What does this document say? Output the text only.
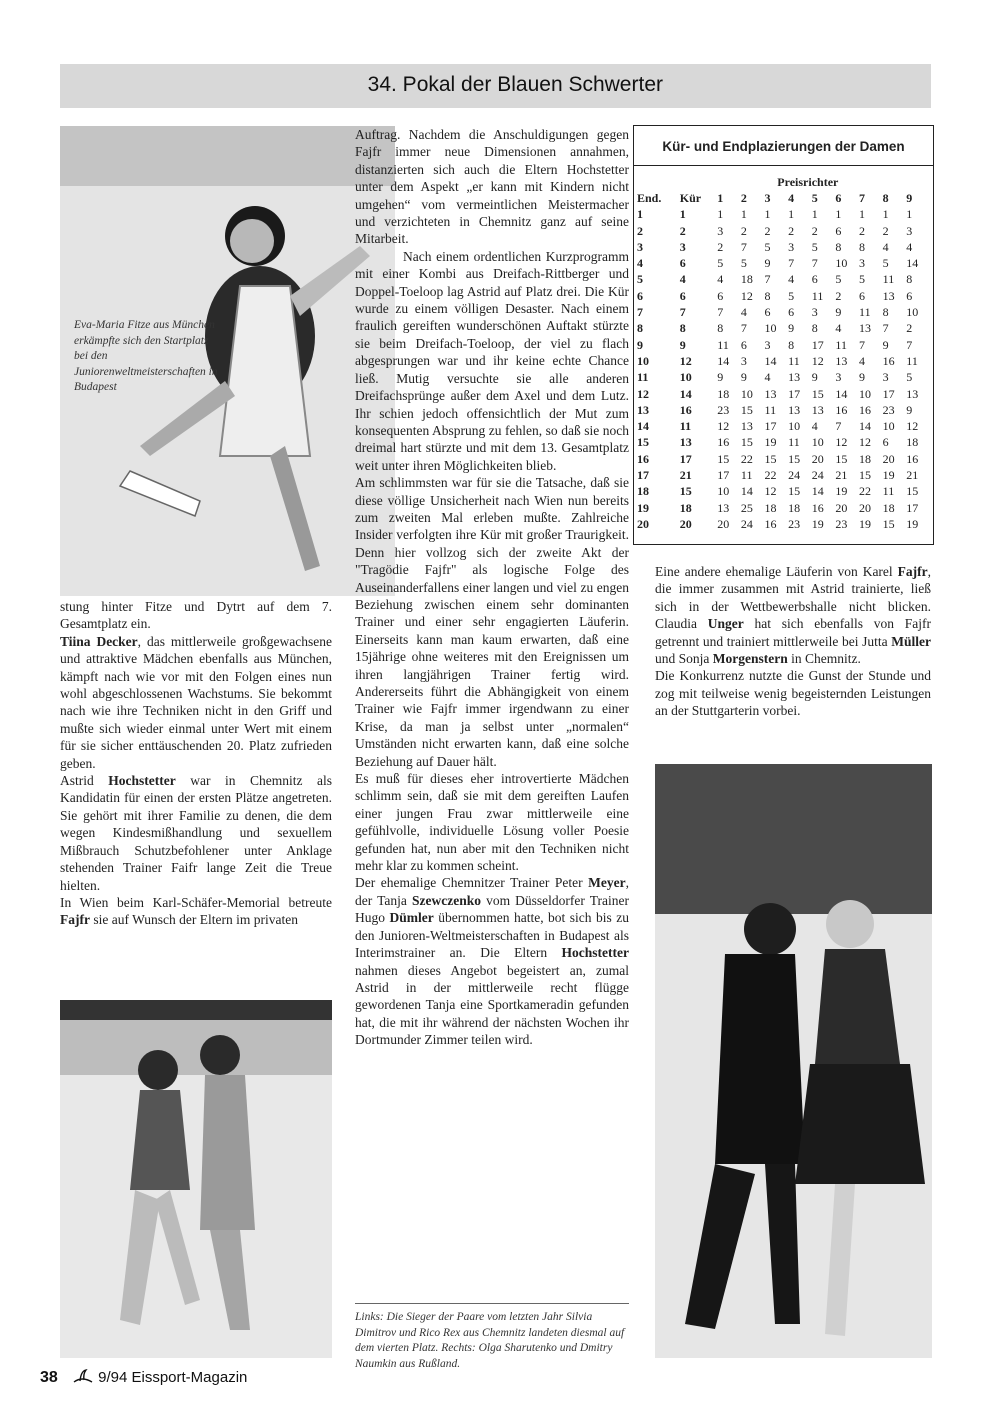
34. Pokal der Blauen Schwerter
Eva-Maria Fitze aus München erkämpfte sich den Startplatz bei den Juniorenweltmeisterschaften in Budapest

stung hinter Fitze und Dytrt auf dem 7. Gesamtplatz ein.

Tiina Decker, das mittlerweile großgewachsene und attraktive Mädchen ebenfalls aus München, kämpft nach wie vor mit den Folgen eines nun wohl abgeschlossenen Wachstums. Sie bekommt nach wie ihre Techniken nicht in den Griff und mußte sich wieder einmal unter Wert mit einem für sie sicher enttäuschenden 20. Platz zufrieden geben.

Astrid Hochstetter war in Chemnitz als Kandidatin für einen der ersten Plätze angetreten. Sie gehört mit ihrer Familie zu denen, die dem wegen Kindesmißhandlung und sexuellem Mißbrauch Schutzbefohlener unter Anklage stehenden Trainer Faifr lange Zeit die Treue hielten.

In Wien beim Karl-Schäfer-Memorial betreute Fajfr sie auf Wunsch der Eltern im privaten

Auftrag. Nachdem die Anschuldigungen gegen Fajfr immer neue Dimensionen annahmen, distanzierten sich auch die Eltern Hochstetter unter dem Aspekt „er kann mit Kindern nicht umgehen“ vom vermeintlichen Meistermacher und verzichteten in Chemnitz ganz auf seine Mitarbeit.

Nach einem ordentlichen Kurzprogramm mit einer Kombi aus Dreifach-Rittberger und Doppel-Toeloop lag Astrid auf Platz drei. Die Kür wurde zu einem völligen Desaster. Nach einem fraulich gereiften wunderschönen Auftakt stürzte sie beim Dreifach-Toeloop, der viel zu flach abgesprungen war und ihr keine echte Chance ließ. Mutig versuchte sie alle anderen Dreifachsprünge außer dem Axel und dem Lutz. Ihr schien jedoch offensichtlich der Mut zum konsequenten Absprung zu fehlen, so daß sie noch dreimal hart stürzte und mit dem 13. Gesamtplatz weit unter ihren Möglichkeiten blieb.

Am schlimmsten war für sie die Tatsache, daß sie diese völlige Unsicherheit nach Wien nun bereits zum zweiten Mal erleben mußte. Zahlreiche Insider verfolgten ihre Kür mit großer Traurigkeit. Denn hier vollzog sich der zweite Akt der "Tragödie Fajfr" als logische Folge des Auseinanderfallens einer langen und viel zu engen Beziehung zwischen einem sehr dominanten Trainer und einer sehr engagierten Läuferin. Einerseits kann man kaum erwarten, daß eine 15jährige ohne weiteres mit den Ereignissen um ihren langjährigen Trainer fertig wird. Andererseits führt die Abhängigkeit von einem Trainer wie Fajfr immer irgendwann zu einer Krise, da man ja selbst unter „normalen“ Umständen nicht erwarten kann, daß eine solche Beziehung auf Dauer hält.

Es muß für dieses eher introvertierte Mädchen schlimm sein, daß sie mit dem gereiften Laufen einer jungen Frau zwar mittlerweile eine gefühlvolle, individuelle Lösung voller Poesie gefunden hat, nun aber mit den Techniken nicht mehr klar zu kommen scheint.

Der ehemalige Chemnitzer Trainer Peter Meyer, der Tanja Szewczenko vom Düsseldorfer Trainer Hugo Dümler übernommen hatte, bot sich bis zu den Junioren-Weltmeisterschaften in Budapest als Interimstrainer an. Die Eltern Hochstetter nahmen dieses Angebot begeistert an, zumal Astrid in der mittlerweile recht flügge gewordenen Tanja eine Sportkameradin gefunden hat, die mit ihr während der nächsten Wochen ihr Dortmunder Zimmer teilen wird.

Links: Die Sieger der Paare vom letzten Jahr Silvia Dimitrov und Rico Rex aus Chemnitz landeten diesmal auf dem vierten Platz. Rechts: Olga Sharutenko und Dmitry Naumkin aus Rußland.
Kür- und Endplazierungen der Damen
		Preisrichter								
End.	Kür	1	2	3	4	5	6	7	8	9
1	1	1	1	1	1	1	1	1	1	1
2	2	3	2	2	2	2	6	2	2	3
3	3	2	7	5	3	5	8	8	4	4
4	6	5	5	9	7	7	10	3	5	14
5	4	4	18	7	4	6	5	5	11	8
6	6	6	12	8	5	11	2	6	13	6
7	7	7	4	6	6	3	9	11	8	10
8	8	8	7	10	9	8	4	13	7	2
9	9	11	6	3	8	17	11	7	9	7
10	12	14	3	14	11	12	13	4	16	11
11	10	9	9	4	13	9	3	9	3	5
12	14	18	10	13	17	15	14	10	17	13
13	16	23	15	11	13	13	16	16	23	9
14	11	12	13	17	10	4	7	14	10	12
15	13	16	15	19	11	10	12	12	6	18
16	17	15	22	15	15	20	15	18	20	16
17	21	17	11	22	24	24	21	15	19	21
18	15	10	14	12	15	14	19	22	11	15
19	18	13	25	18	18	16	20	20	18	17
20	20	20	24	16	23	19	23	19	15	19

Eine andere ehemalige Läuferin von Karel Fajfr, die immer zusammen mit Astrid trainierte, ließ sich in der Wettbewerbshalle nicht blicken. Claudia Unger hat sich ebenfalls von Fajfr getrennt und trainiert mittlerweile bei Jutta Müller und Sonja Morgenstern in Chemnitz.

Die Konkurrenz nutzte die Gunst der Stunde und zog mit teilweise wenig begeisternden Leistungen an der Stuttgarterin vorbei.

38	9/94 Eissport-Magazin
